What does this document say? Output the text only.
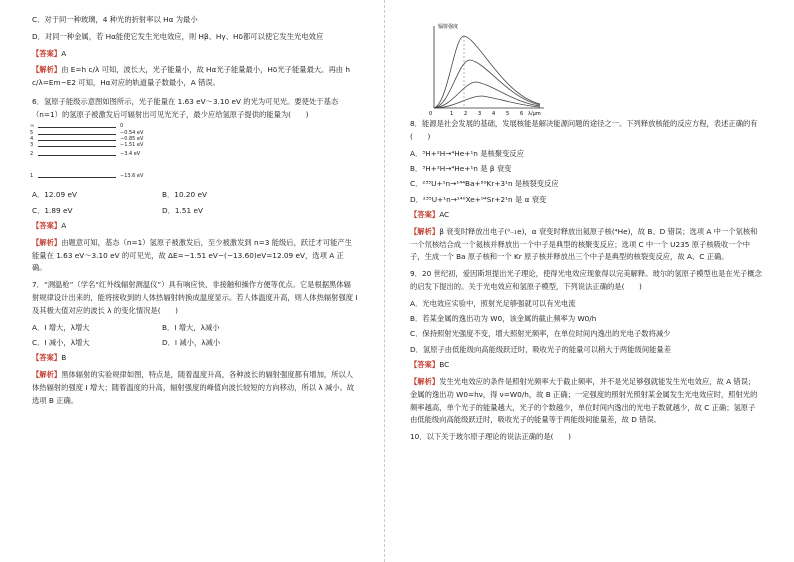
C．对于同一种玻璃，4 种光的折射率以 Hα 为最小

D．对同一种金属，若 Hα能使它发生光电效应，则 Hβ、Hγ、Hδ都可以使它发生光电效应

【答案】A

【解析】由 E=h c/λ 可知，波长大，光子能量小，故 Hα光子能量最小，Hδ光子能量最大。再由 h c/λ=Em−E2 可知，Hα对应的轨道量子数最小，A 错误。

6．氢原子能级示意图如图所示，光子能量在 1.63 eV～3.10 eV 的光为可见光。要使处于基态（n=1）的氢原子被激发后可辐射出可见光光子，最少应给氢原子提供的能量为(　　)

∞	0
5	−0.54 eV
4	−0.85 eV
3	−1.51 eV
2	−3.4 eV
1	−13.6 eV
A．12.09 eV	B．10.20 eV
C．1.89 eV	D．1.51 eV

【答案】A

【解析】由题意可知，基态（n=1）氢原子被激发后，至少被激发到 n=3 能级后，跃迁才可能产生能量在 1.63 eV～3.10 eV 的可见光，故 ΔE=−1.51 eV−(−13.60)eV=12.09 eV，选项 A 正确。

7．“测温枪”（学名“红外线辐射测温仪”）具有响应快、非接触和操作方便等优点。它是根据黑体辐射规律设计出来的，能将接收到的人体热辐射转换成温度显示。若人体温度升高，则人体热辐射强度 I 及其极大值对应的波长 λ 的变化情况是(　　)

A．I 增大，λ增大	B．I 增大，λ减小
C．I 减小，λ增大	D．I 减小，λ减小

【答案】B

【解析】黑体辐射的实验规律如图，特点是，随着温度升高，各种波长的辐射强度都有增加，所以人体热辐射的强度 I 增大；随着温度的升高，辐射强度的峰值向波长较短的方向移动，所以 λ 减小。故选项 B 正确。

辐射强度
λ/μm
0	1 2 3 4 5 6

8．能源是社会发展的基础，发展核能是解决能源问题的途径之一。下列释放核能的反应方程，表述正确的有(　　)

A．³H+²H→⁴He+¹n 是核聚变反应

B．³H+²H→⁴He+¹n 是 β 衰变

C．²³⁵U+¹n→¹⁴⁴Ba+⁸⁹Kr+3¹n 是核裂变反应

D．²³⁵U+¹n→¹⁴⁰Xe+⁹⁴Sr+2¹n 是 α 衰变

【答案】AC

【解析】β 衰变时释放出电子(⁰₋₁e)，α 衰变时释放出氦原子核(⁴He)，故 B、D 错误；选项 A 中一个氚核和一个氘核结合成一个氦核并释放出一个中子是典型的核聚变反应；选项 C 中一个 U235 原子核吸收一个中子，生成一个 Ba 原子核和一个 Kr 原子核并释放出三个中子是典型的核裂变反应，故 A、C 正确。

9．20 世纪初，爱因斯坦提出光子理论，使得光电效应现象得以完美解释。玻尔的氢原子模型也是在光子概念的启发下提出的。关于光电效应和氢原子模型，下列说法正确的是(　　)

A．光电效应实验中，照射光足够强就可以有光电流

B．若某金属的逸出功为 W0，该金属的截止频率为 W0/h

C．保持照射光强度不变，增大照射光频率，在单位时间内逸出的光电子数将减少

D．氢原子由低能级向高能级跃迁时，吸收光子的能量可以稍大于两能级间能量差

【答案】BC

【解析】发生光电效应的条件是照射光频率大于截止频率，并不是光足够强就能发生光电效应，故 A 错误；金属的逸出功 W0=hν，得 ν=W0/h，故 B 正确；一定强度的照射光照射某金属发生光电效应时，照射光的频率越高，单个光子的能量越大，光子的个数越少，单位时间内逸出的光电子数就越少，故 C 正确；氢原子由低能级向高能级跃迁时，吸收光子的能量等于两能级间能量差，故 D 错误。

10．以下关于玻尔原子理论的说法正确的是(　　)
